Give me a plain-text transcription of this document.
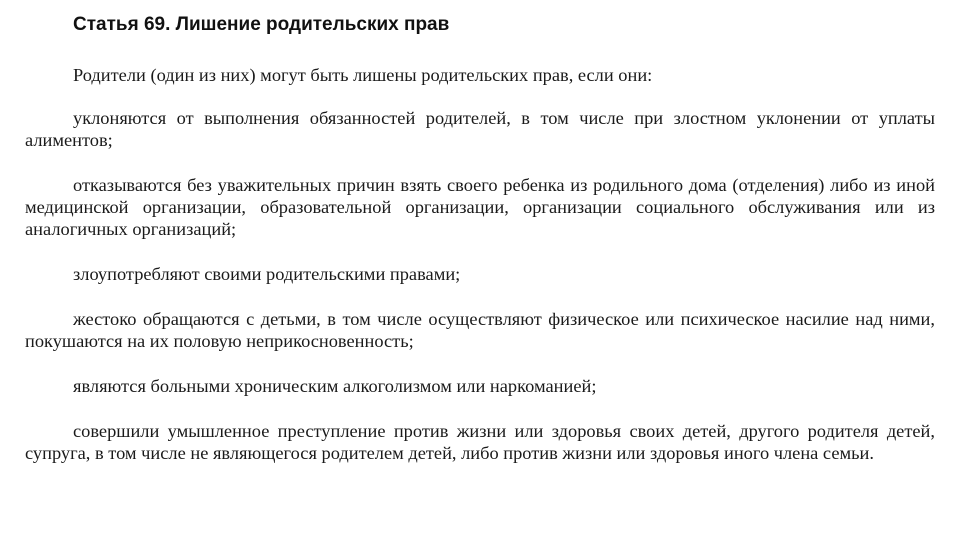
Статья 69. Лишение родительских прав

Родители (один из них) могут быть лишены родительских прав, если они:

уклоняются от выполнения обязанностей родителей, в том числе при злостном уклонении от уплаты алиментов;

отказываются без уважительных причин взять своего ребенка из родильного дома (отделения) либо из иной медицинской организации, образовательной организации, организации социального обслуживания или из аналогичных организаций;

злоупотребляют своими родительскими правами;

жестоко обращаются с детьми, в том числе осуществляют физическое или психическое насилие над ними, покушаются на их половую неприкосновенность;

являются больными хроническим алкоголизмом или наркоманией;

совершили умышленное преступление против жизни или здоровья своих детей, другого родителя детей, супруга, в том числе не являющегося родителем детей, либо против жизни или здоровья иного члена семьи.
